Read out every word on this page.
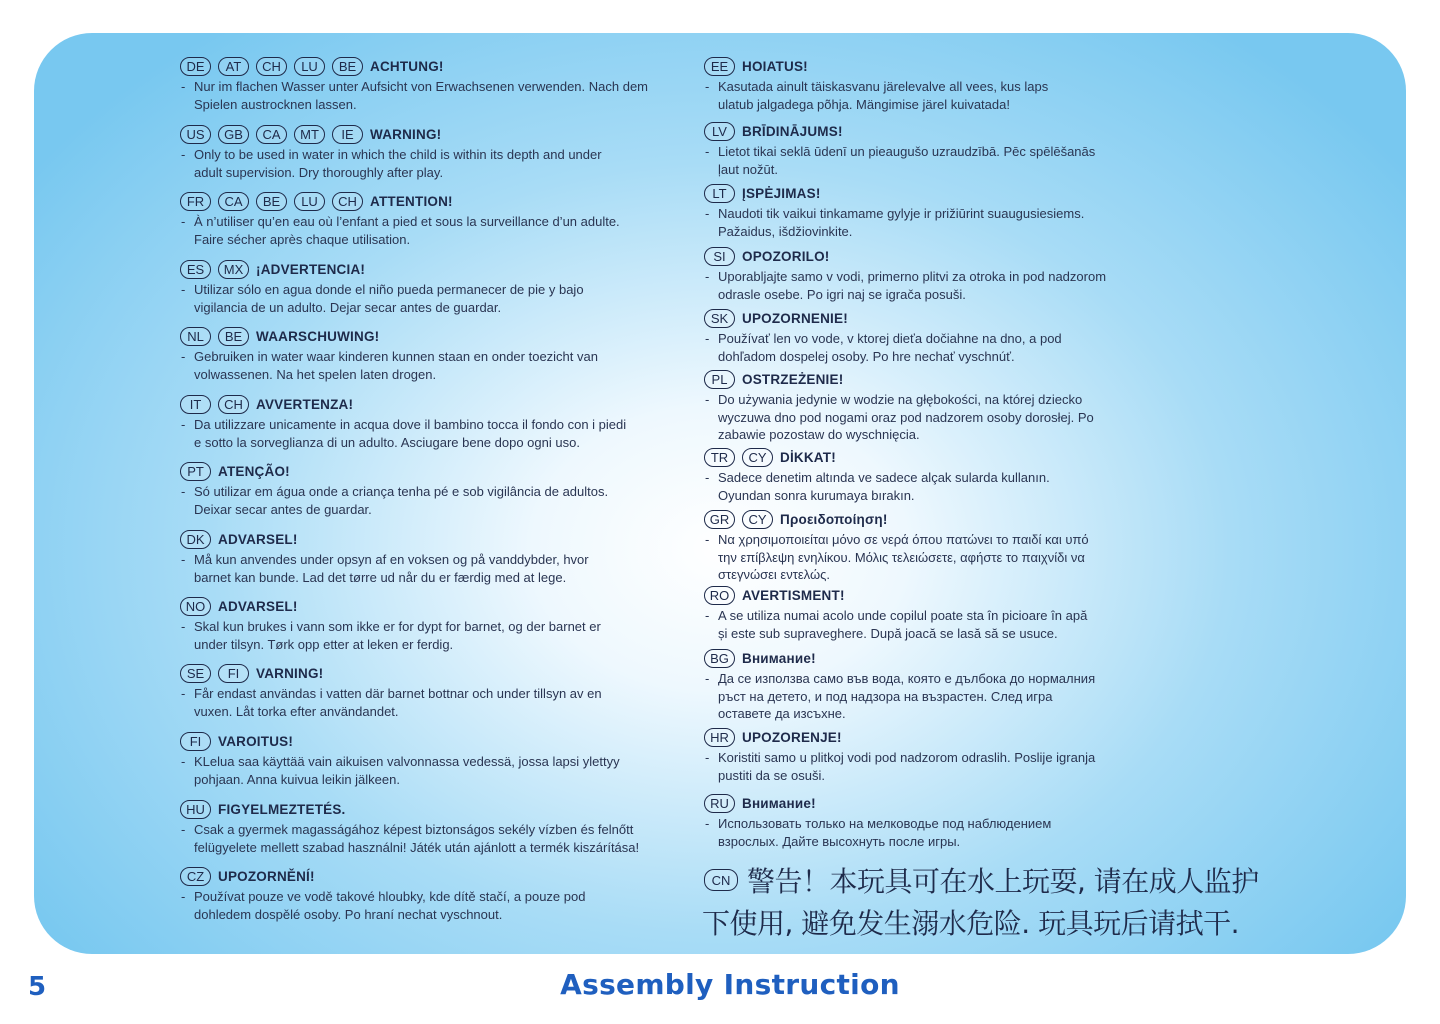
DE	AT	CH	LU	BE	ACHTUNG!
- Nur im flachen Wasser unter Aufsicht von Erwachsenen verwenden. Nach dem
Spielen austrocknen lassen.
US	GB	CA	MT	IE	WARNING!
- Only to be used in water in which the child is within its depth and under
adult supervision. Dry thoroughly after play.
FR	CA	BE	LU	CH ATTENTION!
- À n’utiliser qu’en eau où l’enfant a pied et sous la surveillance d’un adulte.
Faire sécher après chaque utilisation.
ES	MX ¡ADVERTENCIA!
- Utilizar sólo en agua donde el niño pueda permanecer de pie y bajo
vigilancia de un adulto. Dejar secar antes de guardar.
NL	BE	WAARSCHUWING!
- Gebruiken in water waar kinderen kunnen staan en onder toezicht van
volwassenen. Na het spelen laten drogen.
IT	CH AVVERTENZA!
- Da utilizzare unicamente in acqua dove il bambino tocca il fondo con i piedi
e sotto la sorveglianza di un adulto. Asciugare bene dopo ogni uso.
PT	ATENÇÃO!
- Só utilizar em água onde a criança tenha pé e sob vigilância de adultos.
Deixar secar antes de guardar.
DK ADVARSEL!
- Må kun anvendes under opsyn af en voksen og på vanddybder, hvor
barnet kan bunde. Lad det tørre ud når du er færdig med at lege.
NO ADVARSEL!
- Skal kun brukes i vann som ikke er for dypt for barnet, og der barnet er
under tilsyn. Tørk opp etter at leken er ferdig.
SE	FI	VARNING!
- Får endast användas i vatten där barnet bottnar och under tillsyn av en
vuxen. Låt torka efter användandet.
FI	VAROITUS!
- KLelua saa käyttää vain aikuisen valvonnassa vedessä, jossa lapsi ylettyy
pohjaan. Anna kuivua leikin jälkeen.
HU FIGYELMEZTETÉS.
- Csak a gyermek magasságához képest biztonságos sekély vízben és felnőtt
felügyelete mellett szabad használni! Játék után ajánlott a termék kiszárítása!
CZ	UPOZORNĚNÍ!
- Používat pouze ve vodě takové hloubky, kde dítě stačí, a pouze pod
dohledem dospělé osoby. Po hraní nechat vyschnout.
EE	HOIATUS!
- Kasutada ainult täiskasvanu järelevalve all vees, kus laps
ulatub jalgadega põhja. Mängimise järel kuivatada!
LV	BRĪDINĀJUMS!
- Lietot tikai seklā ūdenī un pieaugušo uzraudzībā. Pēc spēlēšanās
ļaut nožūt.
LT	ĮSPĖJIMAS!
- Naudoti tik vaikui tinkamame gylyje ir prižiūrint suaugusiesiems.
Pažaidus, išdžiovinkite.
SI	OPOZORILO!
- Uporabljajte samo v vodi, primerno plitvi za otroka in pod nadzorom
odrasle osebe. Po igri naj se igrača posuši.
SK	UPOZORNENIE!
- Používať len vo vode, v ktorej dieťa dočiahne na dno, a pod
dohľadom dospelej osoby. Po hre nechať vyschnúť.
PL	OSTRZEŻENIE!
- Do używania jedynie w wodzie na głębokości, na której dziecko
wyczuwa dno pod nogami oraz pod nadzorem osoby dorosłej. Po
zabawie pozostaw do wyschnięcia.
TR	CY DİKKAT!
- Sadece denetim altında ve sadece alçak sularda kullanın.
Oyundan sonra kurumaya bırakın.
GR	CY Προειδοποίηση!
- Να χρησιμοποιείται μόνο σε νερά όπου πατώνει το παιδί και υπό
την επίβλεψη ενηλίκου. Μόλις τελειώσετε, αφήστε το παιχνίδι να
στεγνώσει εντελώς.
RO AVERTISMENT!
- A se utiliza numai acolo unde copilul poate sta în picioare în apă
și este sub supraveghere. După joacă se lasă să se usuce.
BG Внимание!
- Да се използва само във вода, която е дълбока до нормалния
ръст на детето, и под надзора на възрастен. След игра
оставете да изсъхне.
HR UPOZORENJE!
- Koristiti samo u plitkoj vodi pod nadzorom odraslih. Poslije igranja
pustiti da se osuši.
RU Внимание!
- Использовать только на мелководье под наблюдением
взрослых. Дайте высохнуть после игры.
CN 警告！本玩具可在水上玩耍, 请在成人监护
下使用, 避免发生溺水危险. 玩具玩后请拭干.
5	Assembly Instruction
